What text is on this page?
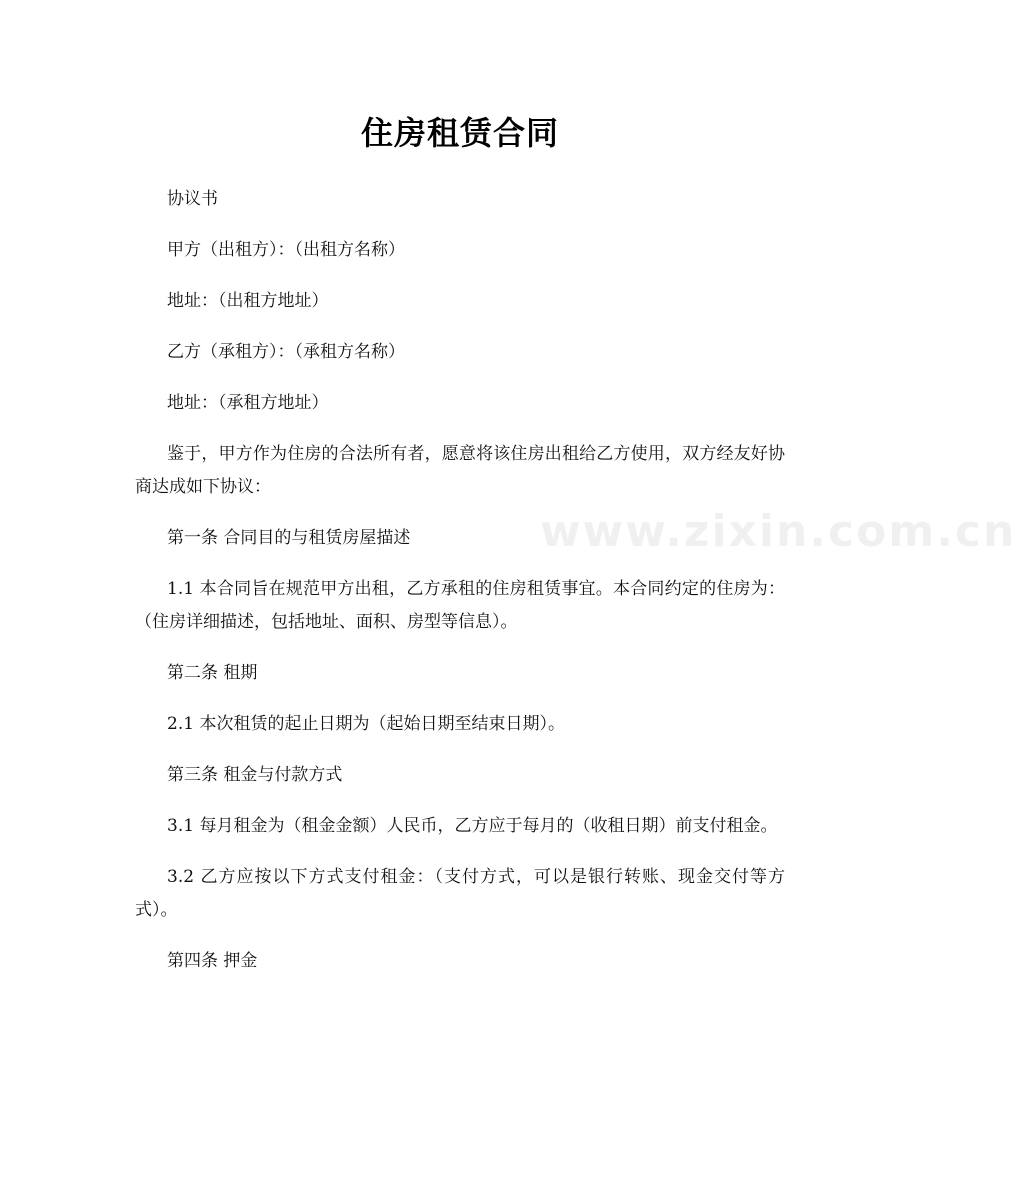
www.zixin.com.cn
住房租赁合同

协议书

甲方（出租方）：（出租方名称）

地址：（出租方地址）

乙方（承租方）：（承租方名称）

地址：（承租方地址）

鉴于，甲方作为住房的合法所有者，愿意将该住房出租给乙方使用，双方经友好协商达成如下协议：

第一条 合同目的与租赁房屋描述

1.1 本合同旨在规范甲方出租，乙方承租的住房租赁事宜。本合同约定的住房为：（住房详细描述，包括地址、面积、房型等信息）。

第二条 租期

2.1 本次租赁的起止日期为（起始日期至结束日期）。

第三条 租金与付款方式

3.1 每月租金为（租金金额）人民币，乙方应于每月的（收租日期）前支付租金。

3.2 乙方应按以下方式支付租金：（支付方式，可以是银行转账、现金交付等方式）。

第四条 押金
